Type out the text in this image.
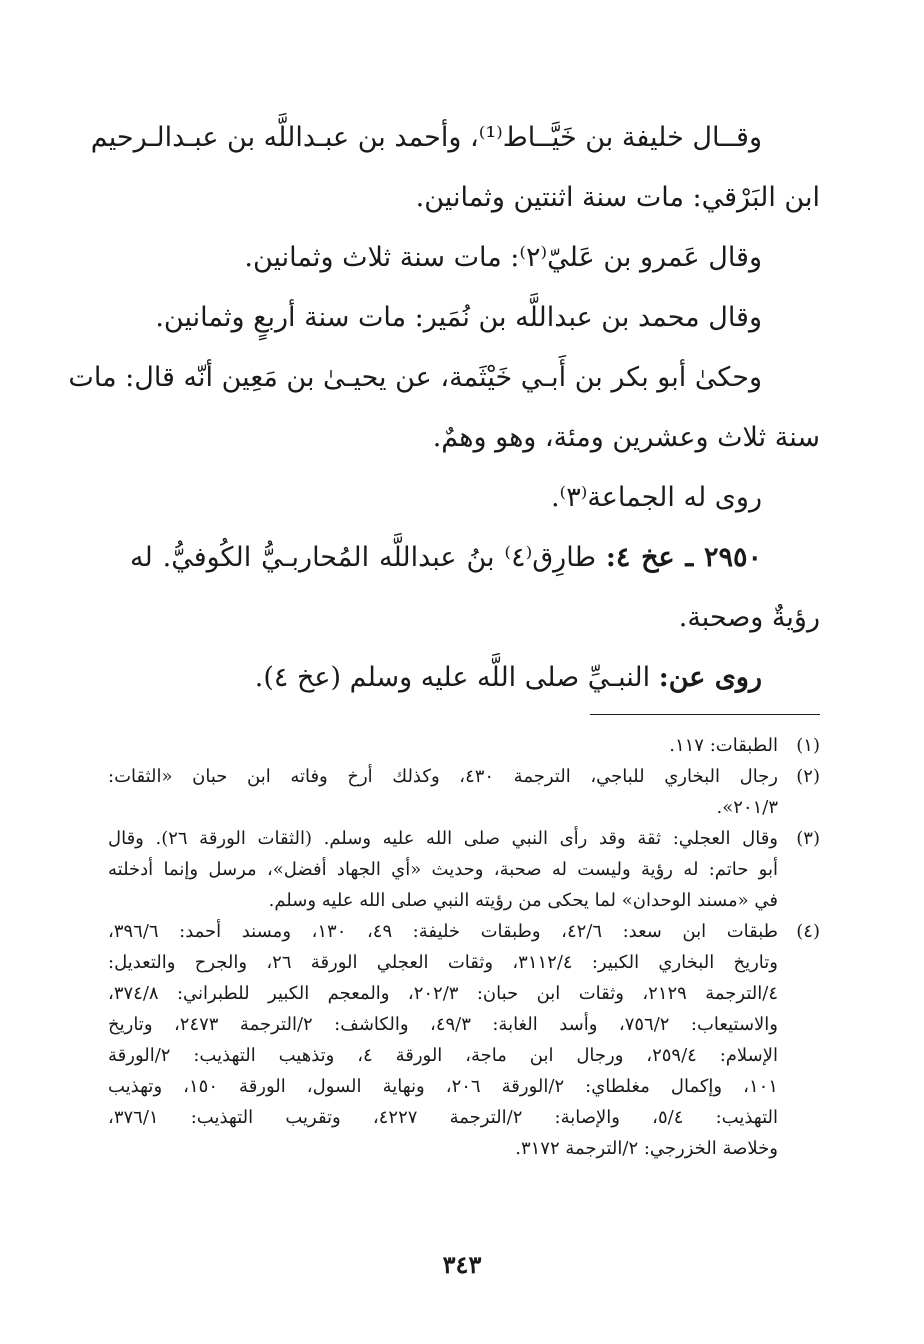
وقــال خليفة بن خَيَّــاط⁽¹⁾، وأحمد بن عبـداللَّه بن عبـدالـرحيم
ابن البَرْقي: مات سنة اثنتين وثمانين.
وقال عَمرو بن عَليّ⁽٢⁾: مات سنة ثلاث وثمانين.
وقال محمد بن عبداللَّه بن نُمَير: مات سنة أربعٍ وثمانين.
وحكىٰ أبو بكر بن أَبـي خَيْثَمة، عن يحيـىٰ بن مَعِين أنّه قال: مات
سنة ثلاث وعشرين ومئة، وهو وهمٌ.
روى له الجماعة⁽٣⁾.
٢٩٥٠ ـ عخ ٤: طارِق⁽٤⁾ بنُ عبداللَّه المُحاربـيُّ الكُوفيُّ. له
رؤيةٌ وصحبة.
روى عن: النبـيِّ صلى اللَّه عليه وسلم (عخ ٤).
(١)
الطبقات: ١١٧.
(٢)
رجال البخاري للباجي، الترجمة ٤٣٠، وكذلك أرخ وفاته ابن حبان «الثقات:
٢٠١/٣».
(٣)
وقال العجلي: ثقة وقد رأى النبي صلى الله عليه وسلم. (الثقات الورقة ٢٦). وقال
أبو حاتم: له رؤية وليست له صحبة، وحديث «أي الجهاد أفضل»، مرسل وإنما أدخلته
في «مسند الوحدان» لما يحكى من رؤيته النبي صلى الله عليه وسلم.
(٤)
طبقات ابن سعد: ٤٢/٦، وطبقات خليفة: ٤٩، ١٣٠، ومسند أحمد: ٣٩٦/٦،
وتاريخ البخاري الكبير: ٣١١٢/٤، وثقات العجلي الورقة ٢٦، والجرح والتعديل:
٤/الترجمة ٢١٢٩، وثقات ابن حبان: ٢٠٢/٣، والمعجم الكبير للطبراني: ٣٧٤/٨،
والاستيعاب: ٧٥٦/٢، وأسد الغابة: ٤٩/٣، والكاشف: ٢/الترجمة ٢٤٧٣، وتاريخ
الإسلام: ٢٥٩/٤، ورجال ابن ماجة، الورقة ٤، وتذهيب التهذيب: ٢/الورقة
١٠١، وإكمال مغلطاي: ٢/الورقة ٢٠٦، ونهاية السول، الورقة ١٥٠، وتهذيب
التهذيب: ٥/٤، والإصابة: ٢/الترجمة ٤٢٢٧، وتقريب التهذيب: ٣٧٦/١،
وخلاصة الخزرجي: ٢/الترجمة ٣١٧٢.
٣٤٣
